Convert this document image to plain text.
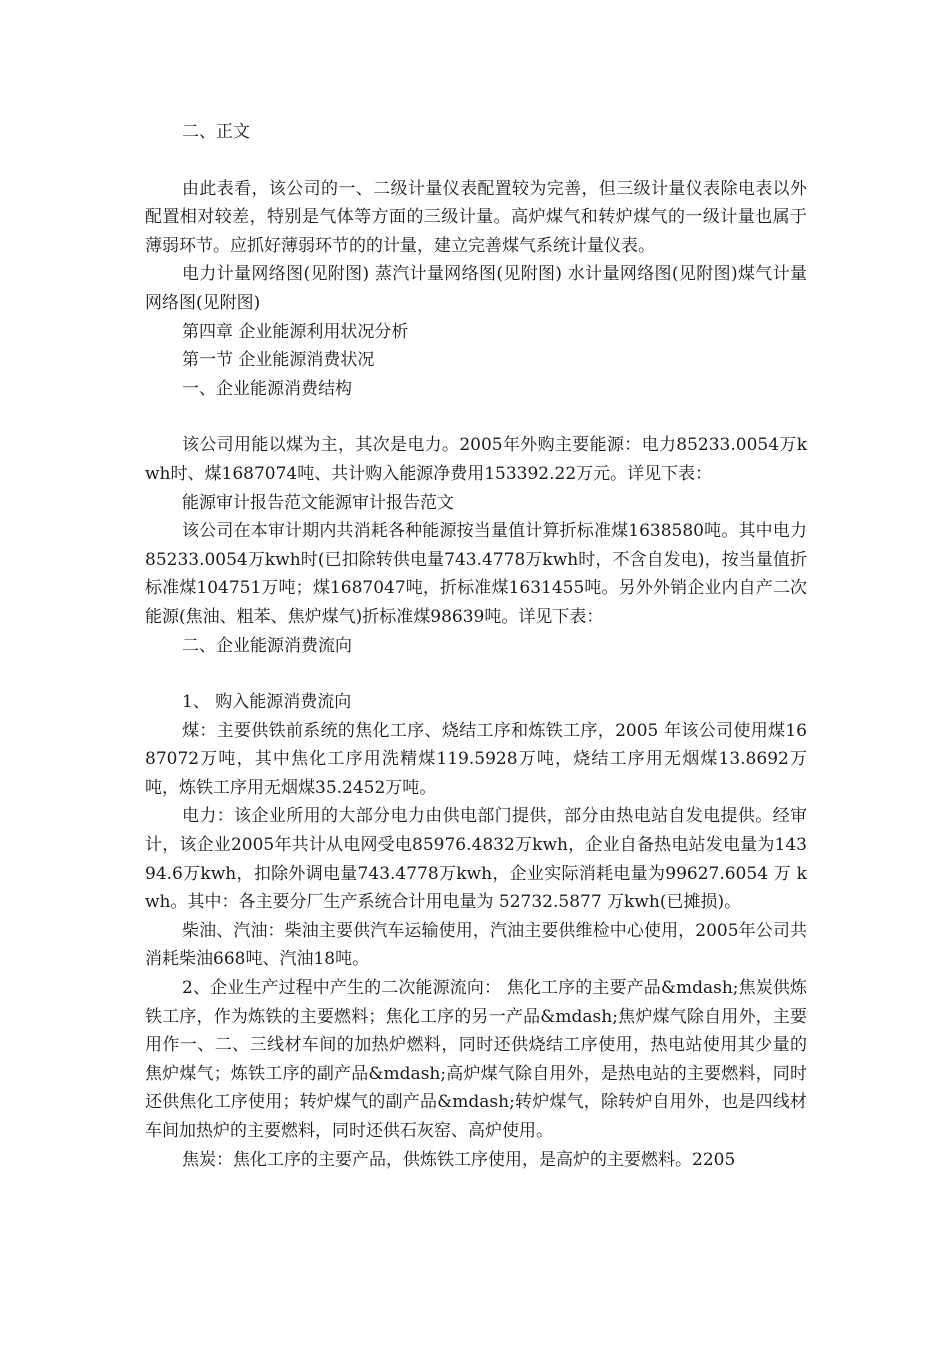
二、正文

由此表看，该公司的一、二级计量仪表配置较为完善，但三级计量仪表除电表以外配置相对较差，特别是气体等方面的三级计量。高炉煤气和转炉煤气的一级计量也属于薄弱环节。应抓好薄弱环节的的计量，建立完善煤气系统计量仪表。

电力计量网络图(见附图) 蒸汽计量网络图(见附图) 水计量网络图(见附图)煤气计量网络图(见附图)

第四章 企业能源利用状况分析

第一节 企业能源消费状况

一、企业能源消费结构

该公司用能以煤为主，其次是电力。2005年外购主要能源：电力85233.0054万kwh时、煤1687074吨、共计购入能源净费用153392.22万元。详见下表：

能源审计报告范文能源审计报告范文

该公司在本审计期内共消耗各种能源按当量值计算折标准煤1638580吨。其中电力85233.0054万kwh时(已扣除转供电量743.4778万kwh时，不含自发电)，按当量值折标准煤104751万吨；煤1687047吨，折标准煤1631455吨。另外外销企业内自产二次能源(焦油、粗苯、焦炉煤气)折标准煤98639吨。详见下表：

二、企业能源消费流向

1、 购入能源消费流向

煤：主要供铁前系统的焦化工序、烧结工序和炼铁工序，2005 年该公司使用煤1687072万吨，其中焦化工序用洗精煤119.5928万吨，烧结工序用无烟煤13.8692万吨，炼铁工序用无烟煤35.2452万吨。

电力：该企业所用的大部分电力由供电部门提供，部分由热电站自发电提供。经审计，该企业2005年共计从电网受电85976.4832万kwh，企业自备热电站发电量为14394.6万kwh，扣除外调电量743.4778万kwh，企业实际消耗电量为99627.6054 万 kwh。其中：各主要分厂生产系统合计用电量为 52732.5877 万kwh(已摊损)。

柴油、汽油：柴油主要供汽车运输使用，汽油主要供维检中心使用，2005年公司共消耗柴油668吨、汽油18吨。

2、企业生产过程中产生的二次能源流向： 焦化工序的主要产品&mdash;焦炭供炼铁工序，作为炼铁的主要燃料；焦化工序的另一产品&mdash;焦炉煤气除自用外，主要用作一、二、三线材车间的加热炉燃料，同时还供烧结工序使用，热电站使用其少量的焦炉煤气；炼铁工序的副产品&mdash;高炉煤气除自用外，是热电站的主要燃料，同时还供焦化工序使用；转炉煤气的副产品&mdash;转炉煤气，除转炉自用外，也是四线材车间加热炉的主要燃料，同时还供石灰窑、高炉使用。

焦炭：焦化工序的主要产品，供炼铁工序使用，是高炉的主要燃料。2205
